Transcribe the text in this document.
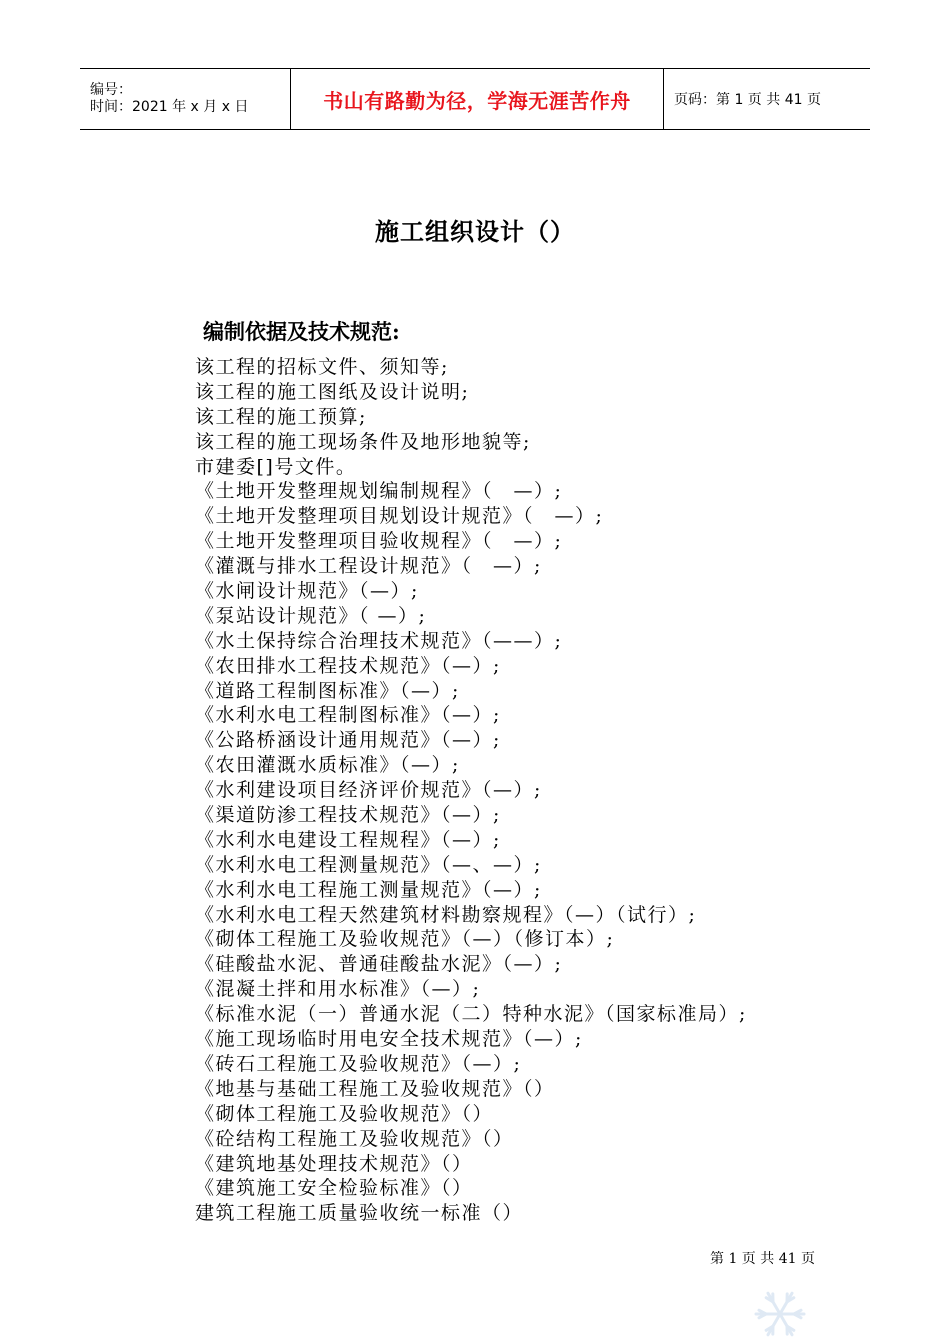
编号：
时间：2021 年 x 月 x 日	书山有路勤为径，学海无涯苦作舟	页码：第 1 页 共 41 页
施工组织设计（）
编制依据及技术规范:
该工程的招标文件、须知等;
该工程的施工图纸及设计说明;
该工程的施工预算;
该工程的施工现场条件及地形地貌等;
市建委[]号文件。
《土地开发整理规划编制规程》（　—）;
《土地开发整理项目规划设计规范》（　—）;
《土地开发整理项目验收规程》（　—）;
《灌溉与排水工程设计规范》（　—）;
《水闸设计规范》（—）;
《泵站设计规范》（ —）;
《水土保持综合治理技术规范》（——）;
《农田排水工程技术规范》（—）;
《道路工程制图标准》（—）;
《水利水电工程制图标准》（—）;
《公路桥涵设计通用规范》（—）;
《农田灌溉水质标准》（—）;
《水利建设项目经济评价规范》（—）;
《渠道防渗工程技术规范》（—）;
《水利水电建设工程规程》（—）;
《水利水电工程测量规范》（—、—）;
《水利水电工程施工测量规范》（—）;
《水利水电工程天然建筑材料勘察规程》（—）（试行）;
《砌体工程施工及验收规范》（—）（修订本）;
《硅酸盐水泥、普通硅酸盐水泥》（—）;
《混凝土拌和用水标准》（—）;
《标准水泥（一）普通水泥（二）特种水泥》（国家标准局）;
《施工现场临时用电安全技术规范》（—）;
《砖石工程施工及验收规范》（—）;
《地基与基础工程施工及验收规范》（）
《砌体工程施工及验收规范》（）
《砼结构工程施工及验收规范》（）
《建筑地基处理技术规范》（）
《建筑施工安全检验标准》（）
建筑工程施工质量验收统一标准（）
第 1 页 共 41 页
